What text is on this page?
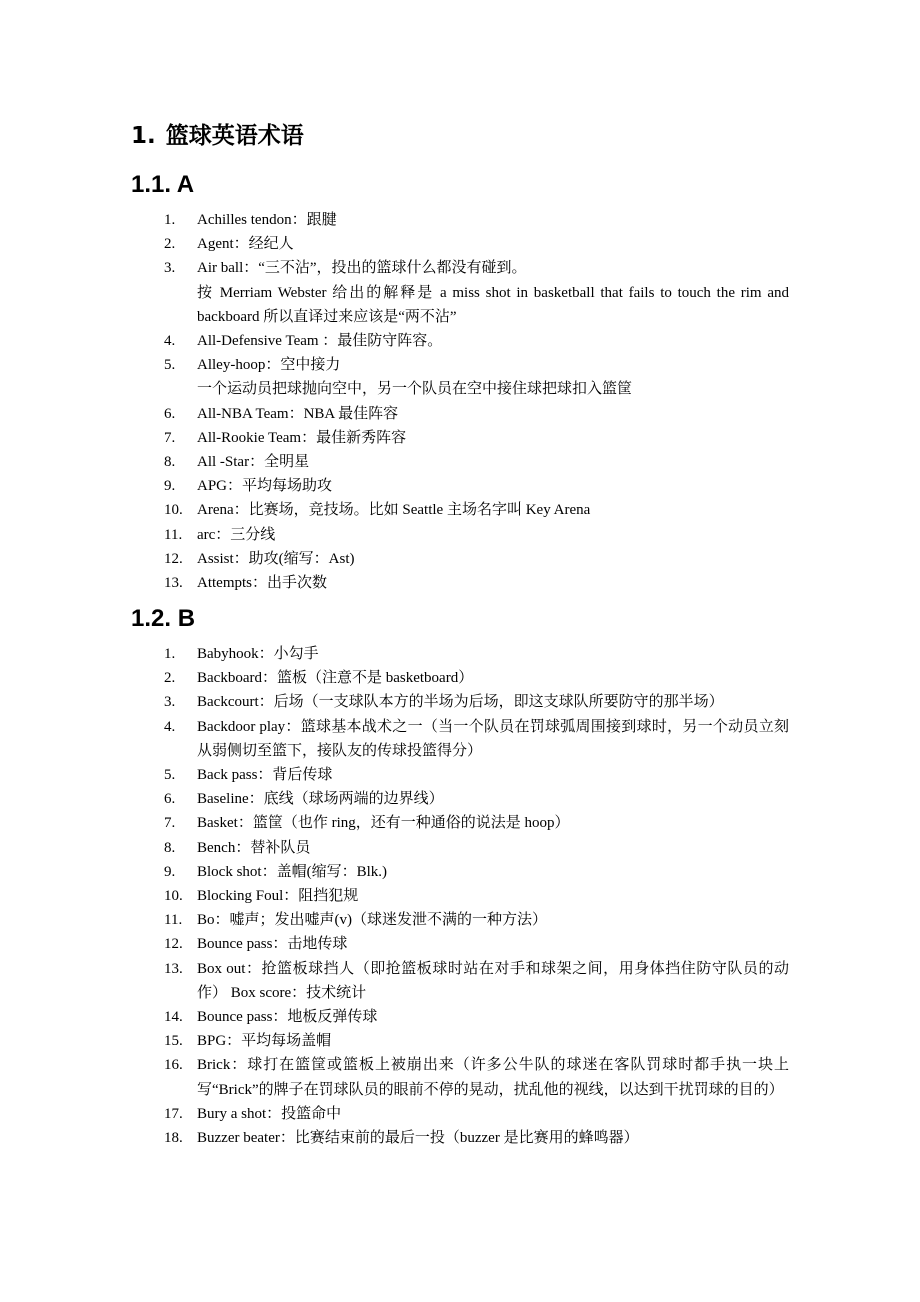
1. 篮球英语术语
1.1. A
1. Achilles tendon：跟腱
2. Agent：经纪人
3. Air ball：“三不沾”，投出的篮球什么都没有碰到。
按 Merriam Webster 给出的解释是 a miss shot in basketball that fails to touch the rim and backboard 所以直译过来应该是“两不沾”
4. All-Defensive Team ：最佳防守阵容。
5. Alley-hoop：空中接力
一个运动员把球抛向空中，另一个队员在空中接住球把球扣入篮筐
6. All-NBA Team：NBA 最佳阵容
7. All-Rookie Team：最佳新秀阵容
8. All -Star：全明星
9. APG：平均每场助攻
10. Arena：比赛场，竞技场。比如 Seattle 主场名字叫 Key Arena
11. arc：三分线
12. Assist：助攻(缩写：Ast)
13. Attempts：出手次数
1.2. B
1. Babyhook：小勾手
2. Backboard：篮板（注意不是 basketboard）
3. Backcourt：后场（一支球队本方的半场为后场，即这支球队所要防守的那半场）
4. Backdoor play：篮球基本战术之一（当一个队员在罚球弧周围接到球时，另一个动员立刻从弱侧切至篮下，接队友的传球投篮得分）
5. Back pass：背后传球
6. Baseline：底线（球场两端的边界线）
7. Basket：篮筐（也作 ring，还有一种通俗的说法是 hoop）
8. Bench：替补队员
9. Block shot：盖帽(缩写：Blk.)
10. Blocking Foul：阻挡犯规
11. Bo：嘘声；发出嘘声(v)（球迷发泄不满的一种方法）
12. Bounce pass：击地传球
13. Box out：抢篮板球挡人（即抢篮板球时站在对手和球架之间，用身体挡住防守队员的动作） Box score：技术统计
14. Bounce pass：地板反弹传球
15. BPG：平均每场盖帽
16. Brick：球打在篮筐或篮板上被崩出来（许多公牛队的球迷在客队罚球时都手执一块上写“Brick”的牌子在罚球队员的眼前不停的晃动，扰乱他的视线，以达到干扰罚球的目的）
17. Bury a shot：投篮命中
18. Buzzer beater：比赛结束前的最后一投（buzzer 是比赛用的蜂鸣器）
